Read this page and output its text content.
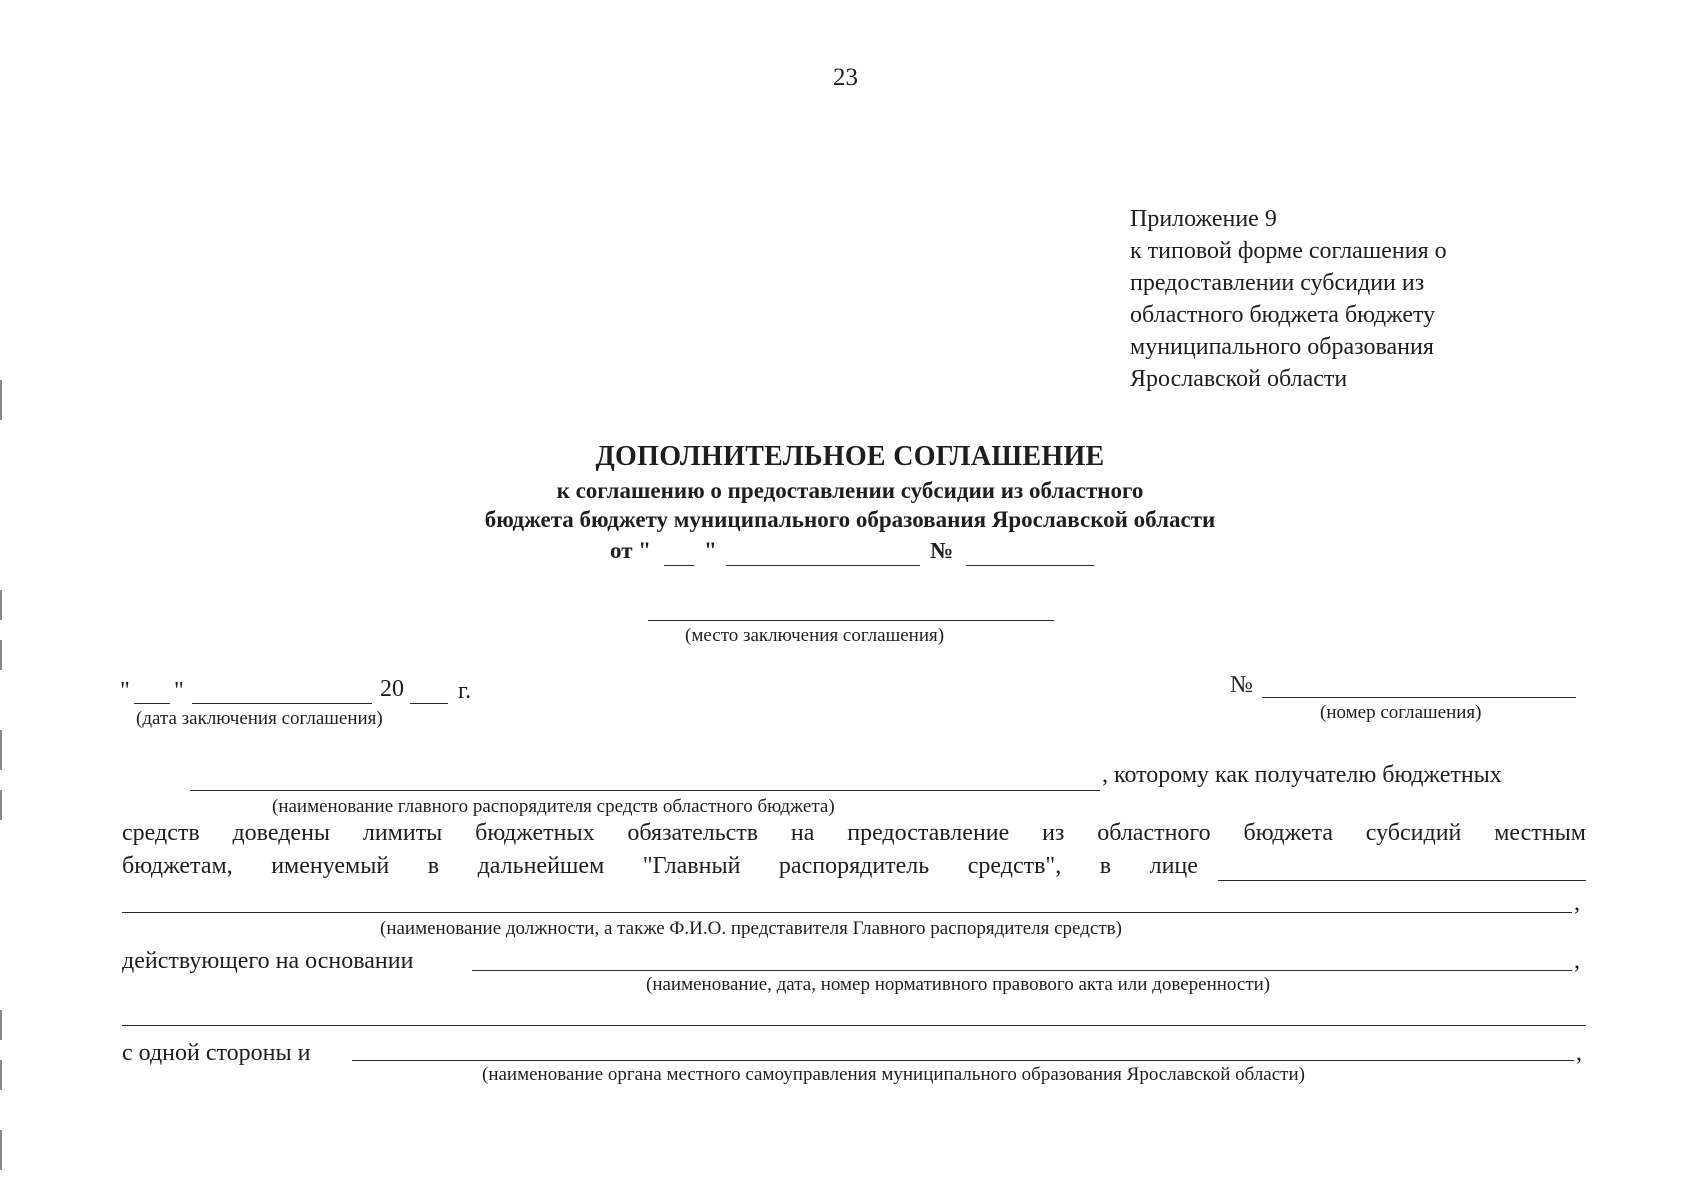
23
Приложение 9
к типовой форме соглашения о
предоставлении субсидии из
областного бюджета бюджету
муниципального образования
Ярославской области
ДОПОЛНИТЕЛЬНОЕ СОГЛАШЕНИЕ
к соглашению о предоставлении субсидии из областного
бюджета бюджету муниципального образования Ярославской области
от " "	№
(место заключения соглашения)
" "	20 г.
(дата заключения соглашения)
№
(номер соглашения)
, которому как получателю бюджетных
(наименование главного распорядителя средств областного бюджета)
средств доведены лимиты бюджетных обязательств на предоставление из областного бюджета субсидий местным
бюджетам, именуемый в дальнейшем "Главный распорядитель средств", в лице
,
(наименование должности, а также Ф.И.О. представителя Главного распорядителя средств)
действующего на основании	,
(наименование, дата, номер нормативного правового акта или доверенности)
с одной стороны и	,
(наименование органа местного самоуправления муниципального образования Ярославской области)
